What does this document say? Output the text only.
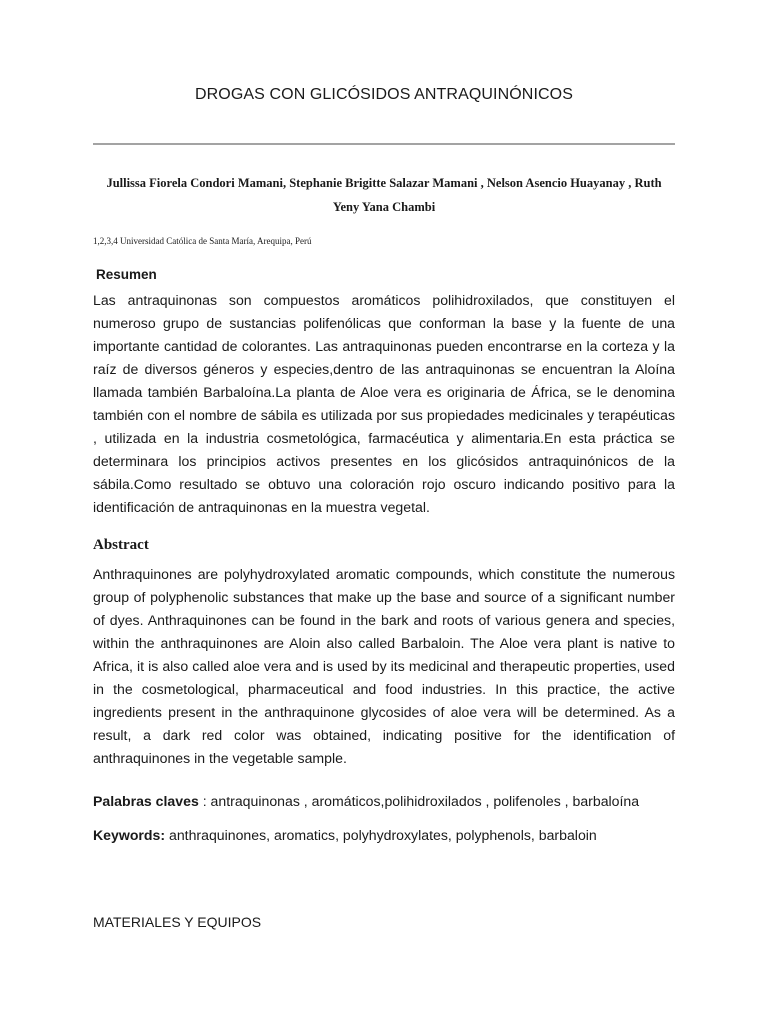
DROGAS CON GLICÓSIDOS ANTRAQUINÓNICOS
Jullissa Fiorela Condori Mamani, Stephanie Brigitte Salazar Mamani , Nelson Asencio Huayanay , Ruth Yeny Yana Chambi
1,2,3,4 Universidad Católica de Santa María, Arequipa, Perú
Resumen

Las antraquinonas son compuestos aromáticos polihidroxilados, que constituyen el numeroso grupo de sustancias polifenólicas que conforman la base y la fuente de una importante cantidad de colorantes. Las antraquinonas pueden encontrarse en la corteza y la raíz de diversos géneros y especies,dentro de las antraquinonas se encuentran la Aloína llamada también Barbaloína.La planta de Aloe vera es originaria de África, se le denomina también con el nombre de sábila es utilizada por sus propiedades medicinales y terapéuticas , utilizada en la industria cosmetológica, farmacéutica y alimentaria.En esta práctica se determinara los principios activos presentes en los glicósidos antraquinónicos de la sábila.Como resultado se obtuvo una coloración rojo oscuro indicando positivo para la identificación de antraquinonas en la muestra vegetal.

Abstract

Anthraquinones are polyhydroxylated aromatic compounds, which constitute the numerous group of polyphenolic substances that make up the base and source of a significant number of dyes. Anthraquinones can be found in the bark and roots of various genera and species, within the anthraquinones are Aloin also called Barbaloin. The Aloe vera plant is native to Africa, it is also called aloe vera and is used by its medicinal and therapeutic properties, used in the cosmetological, pharmaceutical and food industries. In this practice, the active ingredients present in the anthraquinone glycosides of aloe vera will be determined. As a result, a dark red color was obtained, indicating positive for the identification of anthraquinones in the vegetable sample.

Palabras claves : antraquinonas , aromáticos,polihidroxilados , polifenoles , barbaloína
Keywords: anthraquinones, aromatics, polyhydroxylates, polyphenols, barbaloin
MATERIALES Y EQUIPOS
